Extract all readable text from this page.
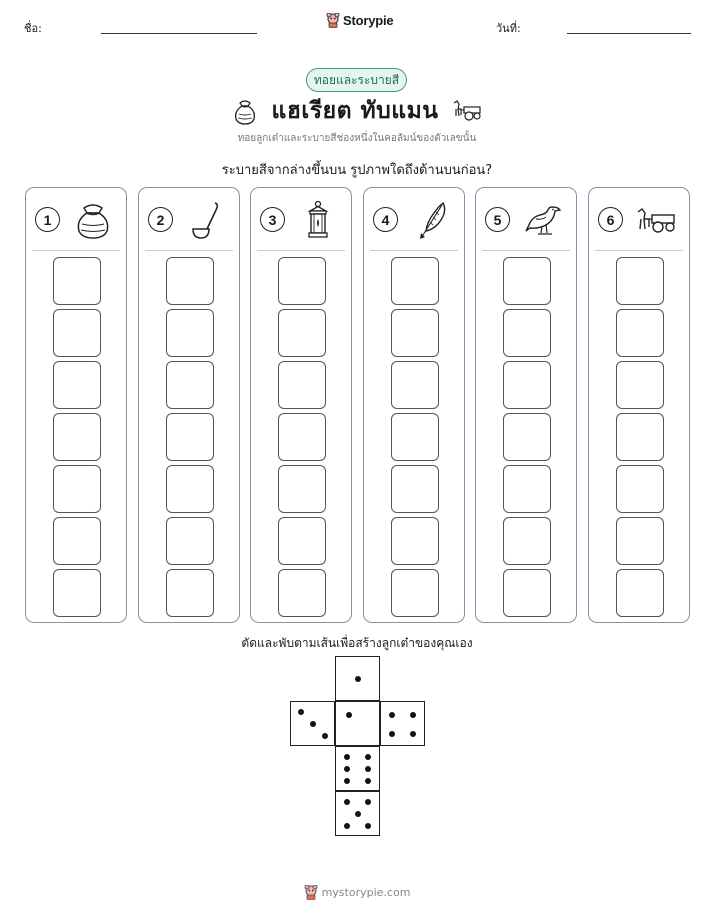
ชื่อ:
Storypie
วันที่:
ทอยและระบายสี
แฮเรียต ทับแมน
ทอยลูกเต๋าและระบายสีช่องหนึ่งในคอลัมน์ของตัวเลขนั้น
ระบายสีจากล่างขึ้นบน รูปภาพใดถึงด้านบนก่อน?
1	2	3	4	5	6
ตัดและพับตามเส้นเพื่อสร้างลูกเต๋าของคุณเอง
mystorypie.com
